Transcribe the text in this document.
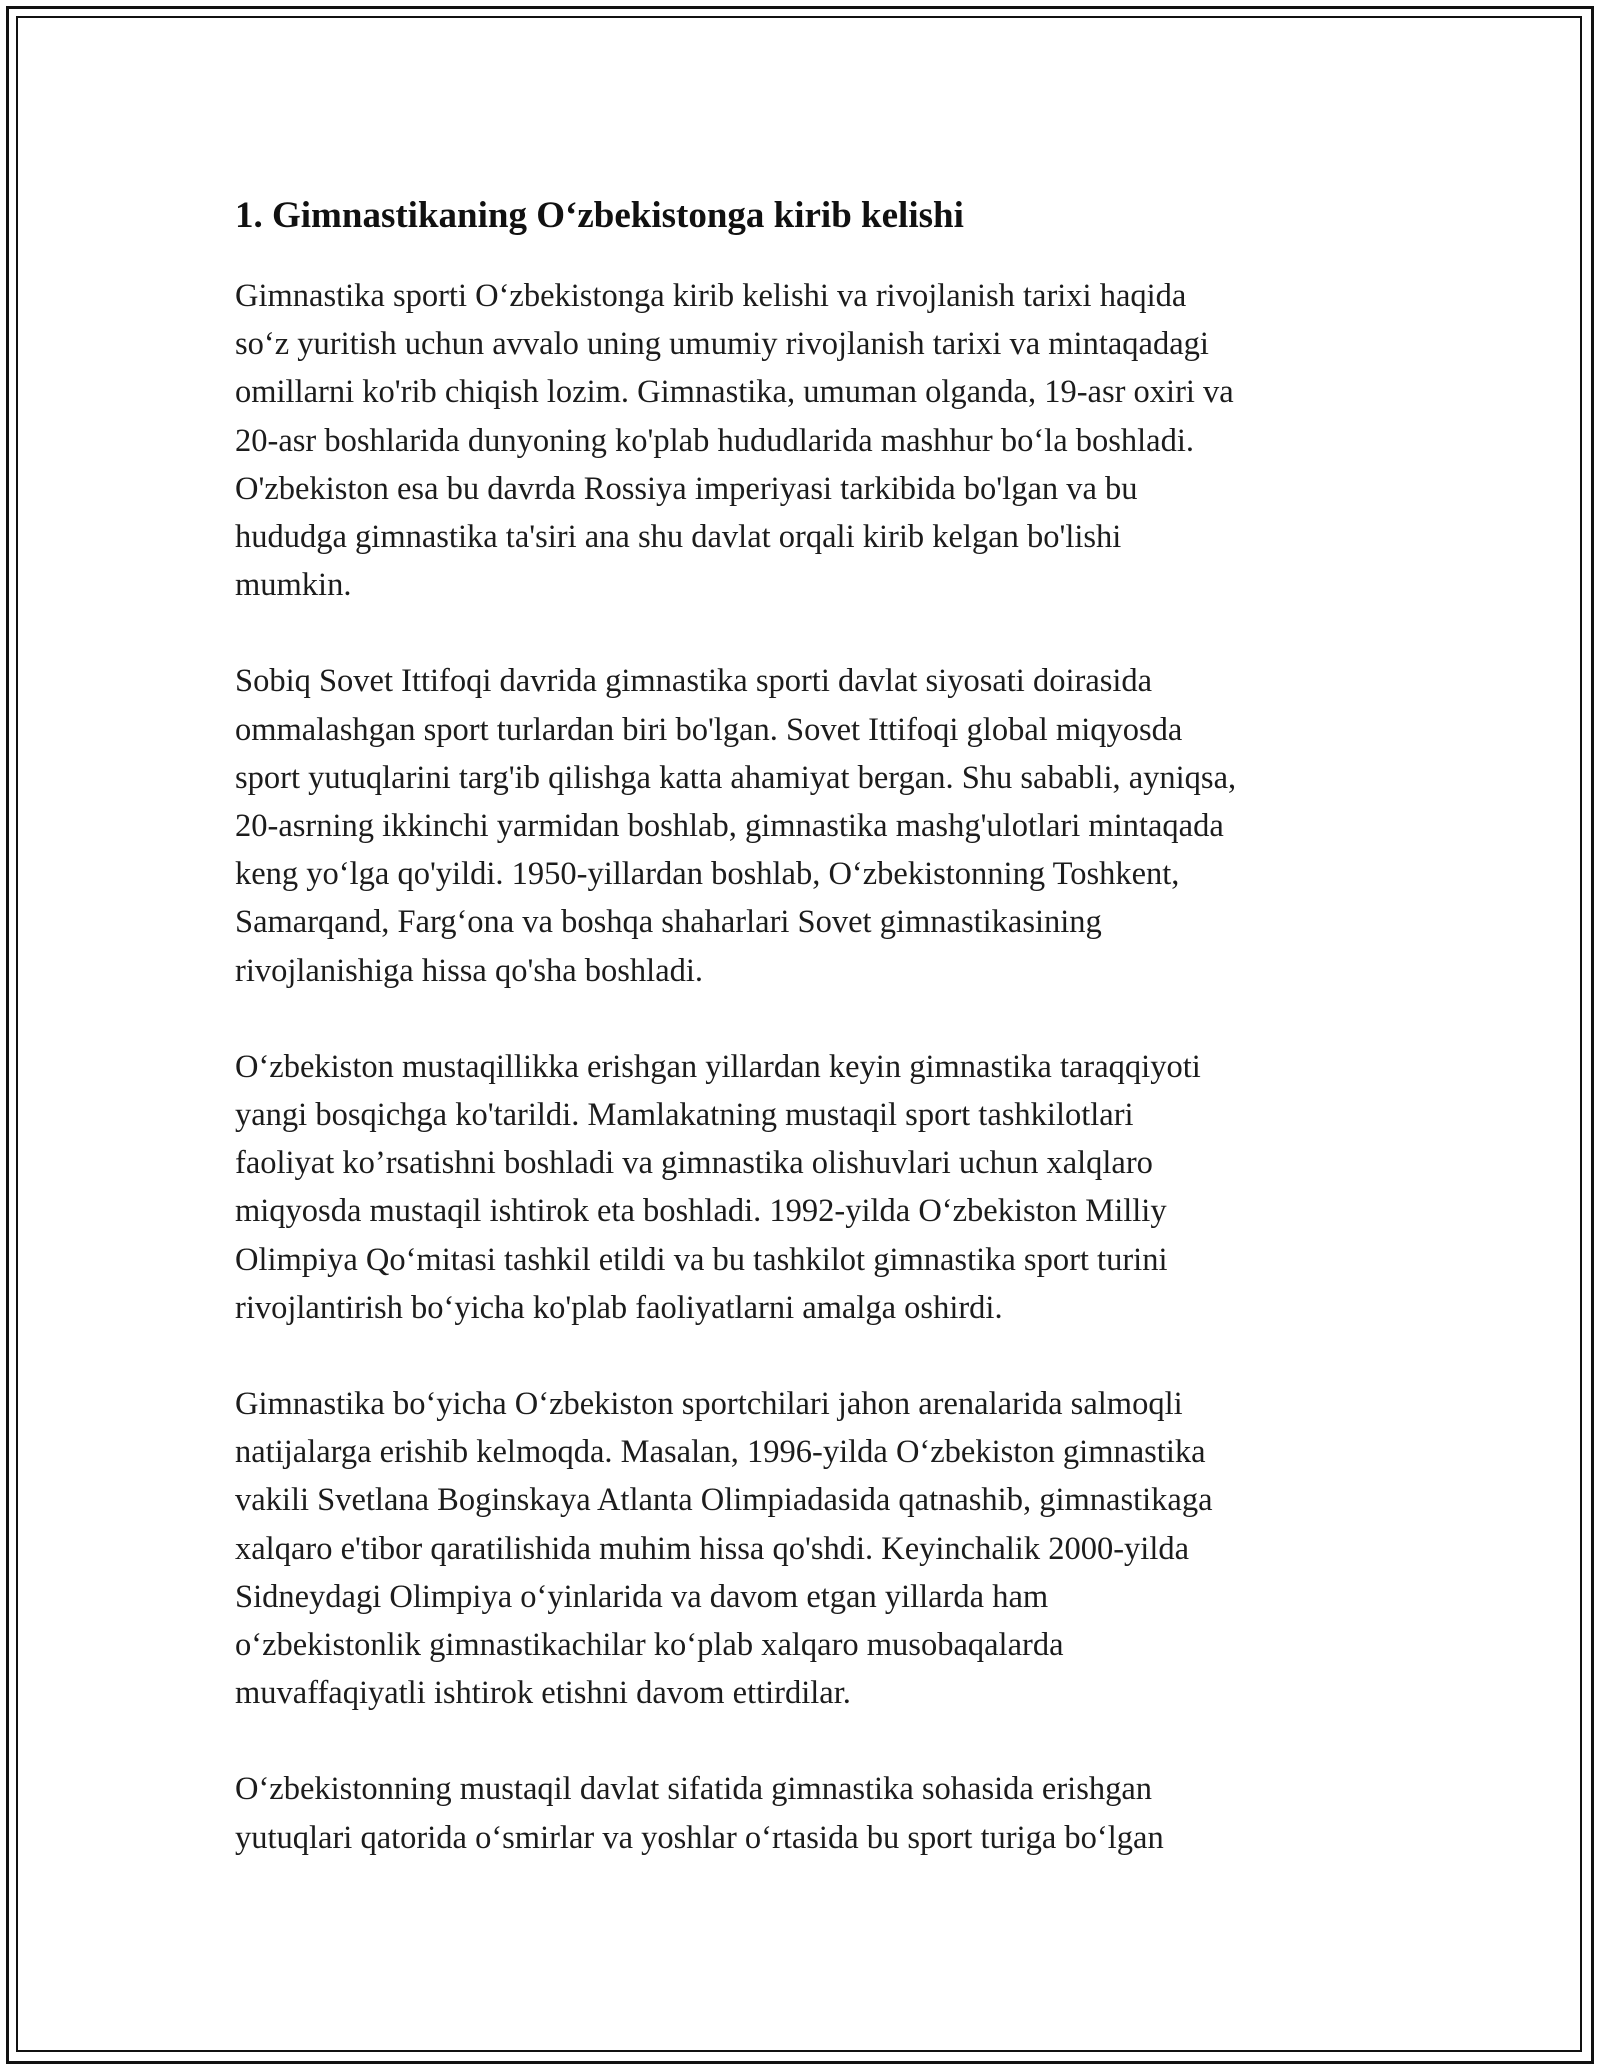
1. Gimnastikaning O‘zbekistonga kirib kelishi

Gimnastika sporti O‘zbekistonga kirib kelishi va rivojlanish tarixi haqida
so‘z yuritish uchun avvalo uning umumiy rivojlanish tarixi va mintaqadagi
omillarni ko'rib chiqish lozim. Gimnastika, umuman olganda, 19-asr oxiri va
20-asr boshlarida dunyoning ko'plab hududlarida mashhur bo‘la boshladi.
O'zbekiston esa bu davrda Rossiya imperiyasi tarkibida bo'lgan va bu
hududga gimnastika ta'siri ana shu davlat orqali kirib kelgan bo'lishi
mumkin.

Sobiq Sovet Ittifoqi davrida gimnastika sporti davlat siyosati doirasida
ommalashgan sport turlardan biri bo'lgan. Sovet Ittifoqi global miqyosda
sport yutuqlarini targ'ib qilishga katta ahamiyat bergan. Shu sababli, ayniqsa,
20-asrning ikkinchi yarmidan boshlab, gimnastika mashg'ulotlari mintaqada
keng yo‘lga qo'yildi. 1950-yillardan boshlab, O‘zbekistonning Toshkent,
Samarqand, Farg‘ona va boshqa shaharlari Sovet gimnastikasining
rivojlanishiga hissa qo'sha boshladi.

O‘zbekiston mustaqillikka erishgan yillardan keyin gimnastika taraqqiyoti
yangi bosqichga ko'tarildi. Mamlakatning mustaqil sport tashkilotlari
faoliyat ko’rsatishni boshladi va gimnastika olishuvlari uchun xalqlaro
miqyosda mustaqil ishtirok eta boshladi. 1992-yilda O‘zbekiston Milliy
Olimpiya Qo‘mitasi tashkil etildi va bu tashkilot gimnastika sport turini
rivojlantirish bo‘yicha ko'plab faoliyatlarni amalga oshirdi.

Gimnastika bo‘yicha O‘zbekiston sportchilari jahon arenalarida salmoqli
natijalarga erishib kelmoqda. Masalan, 1996-yilda O‘zbekiston gimnastika
vakili Svetlana Boginskaya Atlanta Olimpiadasida qatnashib, gimnastikaga
xalqaro e'tibor qaratilishida muhim hissa qo'shdi. Keyinchalik 2000-yilda
Sidneydagi Olimpiya o‘yinlarida va davom etgan yillarda ham
o‘zbekistonlik gimnastikachilar ko‘plab xalqaro musobaqalarda
muvaffaqiyatli ishtirok etishni davom ettirdilar.

O‘zbekistonning mustaqil davlat sifatida gimnastika sohasida erishgan
yutuqlari qatorida o‘smirlar va yoshlar o‘rtasida bu sport turiga bo‘lgan
